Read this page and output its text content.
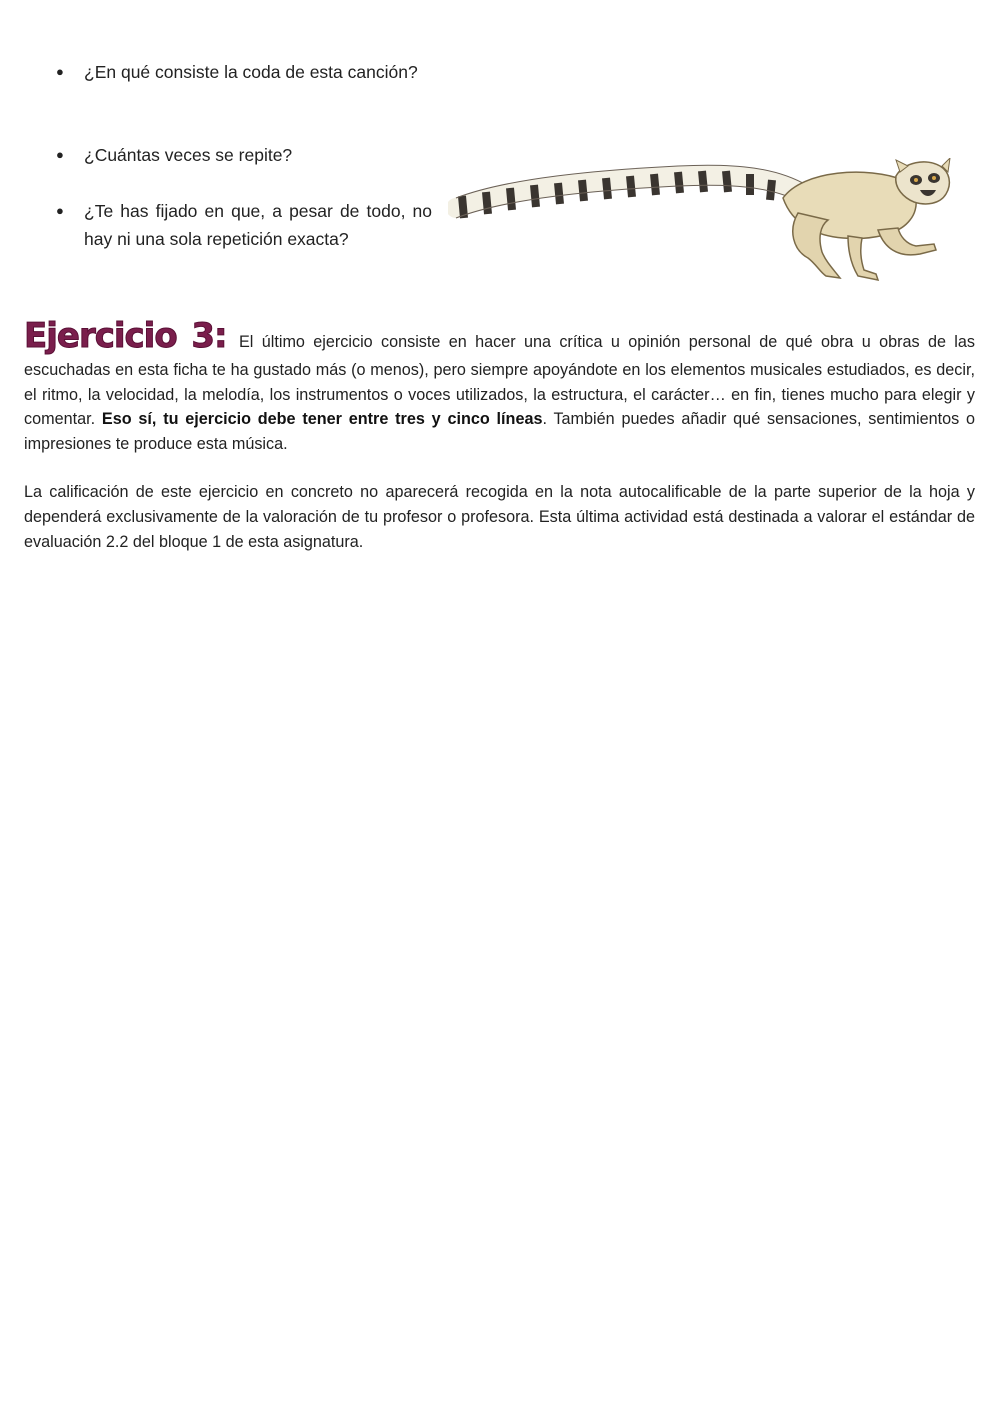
● ¿En qué consiste la coda de esta canción?
● ¿Cuántas veces se repite?
● ¿Te has fijado en que, a pesar de todo, no hay ni una sola repetición exacta?

Ejercicio 3: El último ejercicio consiste en hacer una crítica u opinión personal de qué obra u obras de las escuchadas en esta ficha te ha gustado más (o menos), pero siempre apoyándote en los elementos musicales estudiados, es decir, el ritmo, la velocidad, la melodía, los instrumentos o voces utilizados, la estructura, el carácter… en fin, tienes mucho para elegir y comentar. Eso sí, tu ejercicio debe tener entre tres y cinco líneas. También puedes añadir qué sensaciones, sentimientos o impresiones te produce esta música.

La calificación de este ejercicio en concreto no aparecerá recogida en la nota autocalificable de la parte superior de la hoja y dependerá exclusivamente de la valoración de tu profesor o profesora. Esta última actividad está destinada a valorar el estándar de evaluación 2.2 del bloque 1 de esta asignatura.
